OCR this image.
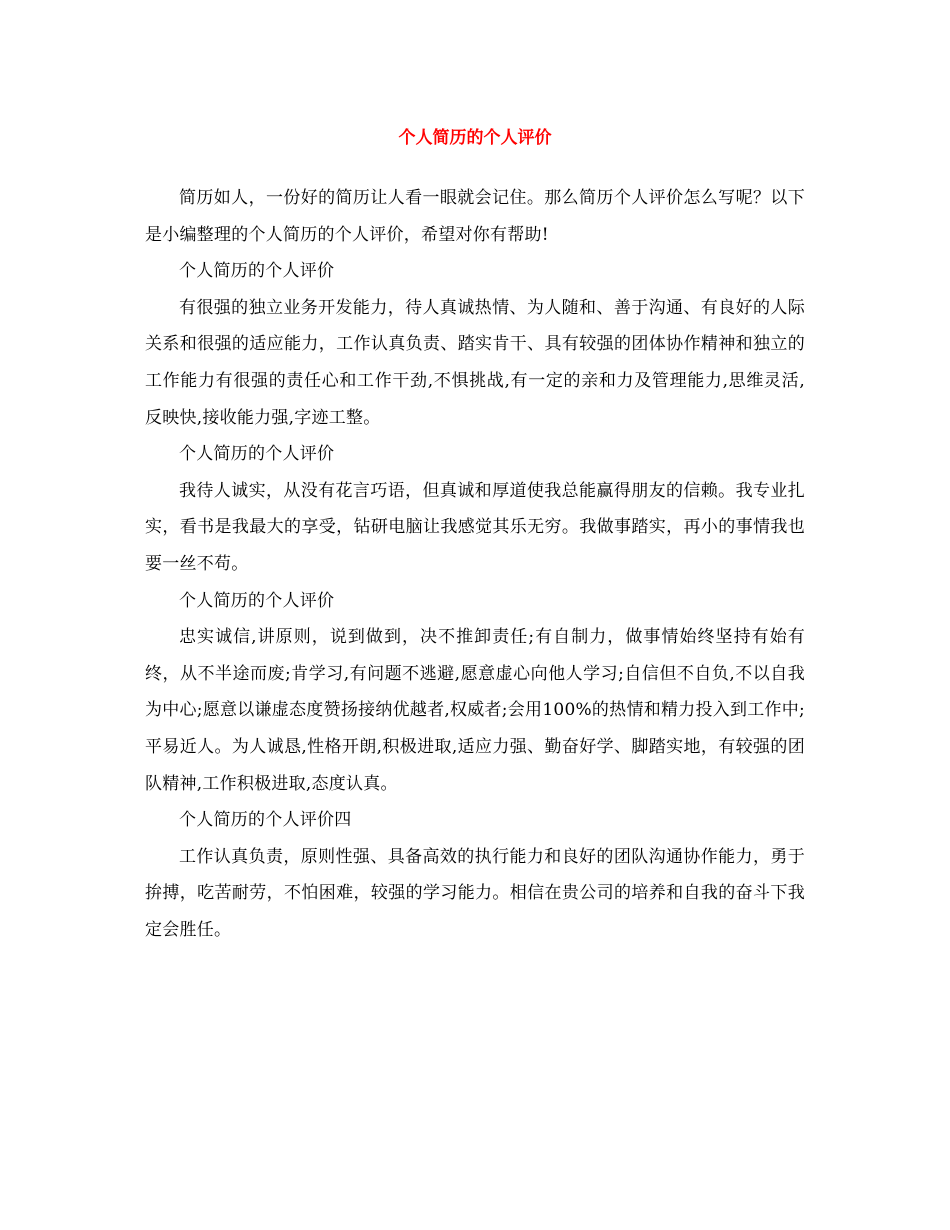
个人简历的个人评价

简历如人，一份好的简历让人看一眼就会记住。那么简历个人评价怎么写呢？以下是小编整理的个人简历的个人评价，希望对你有帮助!

个人简历的个人评价

有很强的独立业务开发能力，待人真诚热情、为人随和、善于沟通、有良好的人际关系和很强的适应能力，工作认真负责、踏实肯干、具有较强的团体协作精神和独立的工作能力有很强的责任心和工作干劲,不惧挑战,有一定的亲和力及管理能力,思维灵活,反映快,接收能力强,字迹工整。

个人简历的个人评价

我待人诚实，从没有花言巧语，但真诚和厚道使我总能赢得朋友的信赖。我专业扎实，看书是我最大的享受，钻研电脑让我感觉其乐无穷。我做事踏实，再小的事情我也要一丝不苟。

个人简历的个人评价

忠实诚信,讲原则，说到做到，决不推卸责任;有自制力，做事情始终坚持有始有终，从不半途而废;肯学习,有问题不逃避,愿意虚心向他人学习;自信但不自负,不以自我为中心;愿意以谦虚态度赞扬接纳优越者,权威者;会用100%的热情和精力投入到工作中;平易近人。为人诚恳,性格开朗,积极进取,适应力强、勤奋好学、脚踏实地，有较强的团队精神,工作积极进取,态度认真。

个人简历的个人评价四

工作认真负责，原则性强、具备高效的执行能力和良好的团队沟通协作能力，勇于拚搏，吃苦耐劳，不怕困难，较强的学习能力。相信在贵公司的培养和自我的奋斗下我定会胜任。
